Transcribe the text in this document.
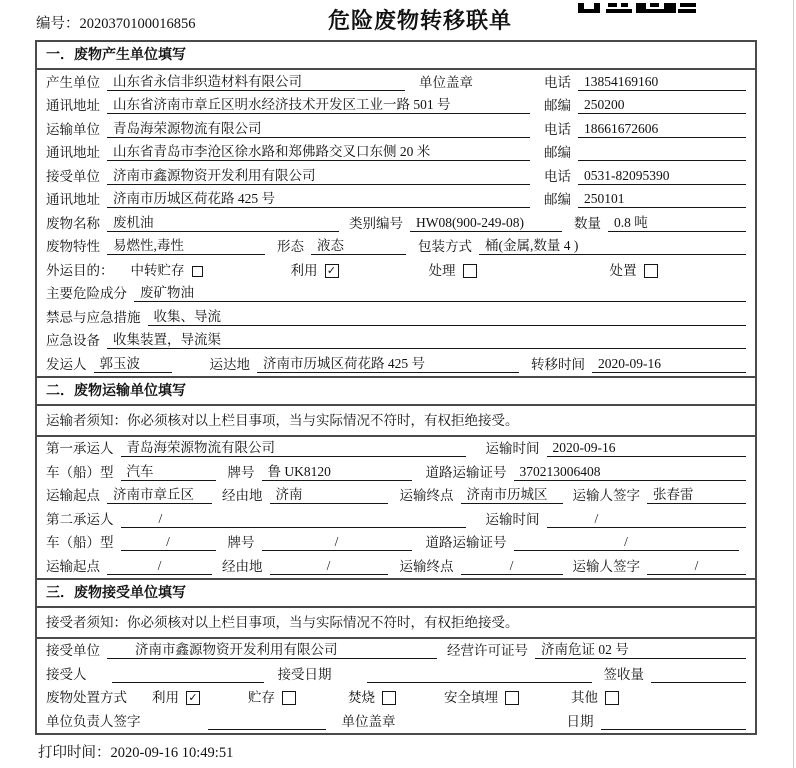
编号：2020370100016856	危险废物转移联单
一．废物产生单位填写
产生单位 山东省永信非织造材料有限公司	单位盖章	电话 13854169160
通讯地址 山东省济南市章丘区明水经济技术开发区工业一路 501 号	邮编 250200
运输单位 青岛海荣源物流有限公司	电话 18661672606
通讯地址 山东省青岛市李沧区徐水路和郑佛路交叉口东侧 20 米	邮编
接受单位 济南市鑫源物资开发利用有限公司	电话 0531-82095390
通讯地址 济南市历城区荷花路 425 号	邮编 250101
废物名称 废机油	类别编号 HW08(900-249-08)	数量 0.8 吨
废物特性 易燃性,毒性	形态 液态	包装方式 桶(金属,数量 4 )
外运目的： 中转贮存	利用 ✓	处理	处置
主要危险成分 废矿物油
禁忌与应急措施 收集、导流
应急设备 收集装置，导流渠
发运人 郭玉波	运达地 济南市历城区荷花路 425 号	转移时间 2020-09-16
二．废物运输单位填写
运输者须知：你必须核对以上栏目事项，当与实际情况不符时，有权拒绝接受。
第一承运人 青岛海荣源物流有限公司	运输时间 2020-09-16
车（船）型 汽车	牌号 鲁 UK8120	道路运输证号 370213006408
运输起点 济南市章丘区	经由地 济南	运输终点 济南市历城区	运输人签字 张春雷
第二承运人	/	运输时间	/
车（船）型	/	牌号	/	道路运输证号	/
运输起点	/	经由地	/	运输终点	/	运输人签字	/
三．废物接受单位填写
接受者须知：你必须核对以上栏目事项，当与实际情况不符时，有权拒绝接受。
接受单位	济南市鑫源物资开发利用有限公司	经营许可证号 济南危证 02 号
接受人	接受日期	签收量
废物处置方式 利用 ✓	贮存	焚烧	安全填埋	其他
单位负责人签字	单位盖章	日期
打印时间：2020-09-16 10:49:51
